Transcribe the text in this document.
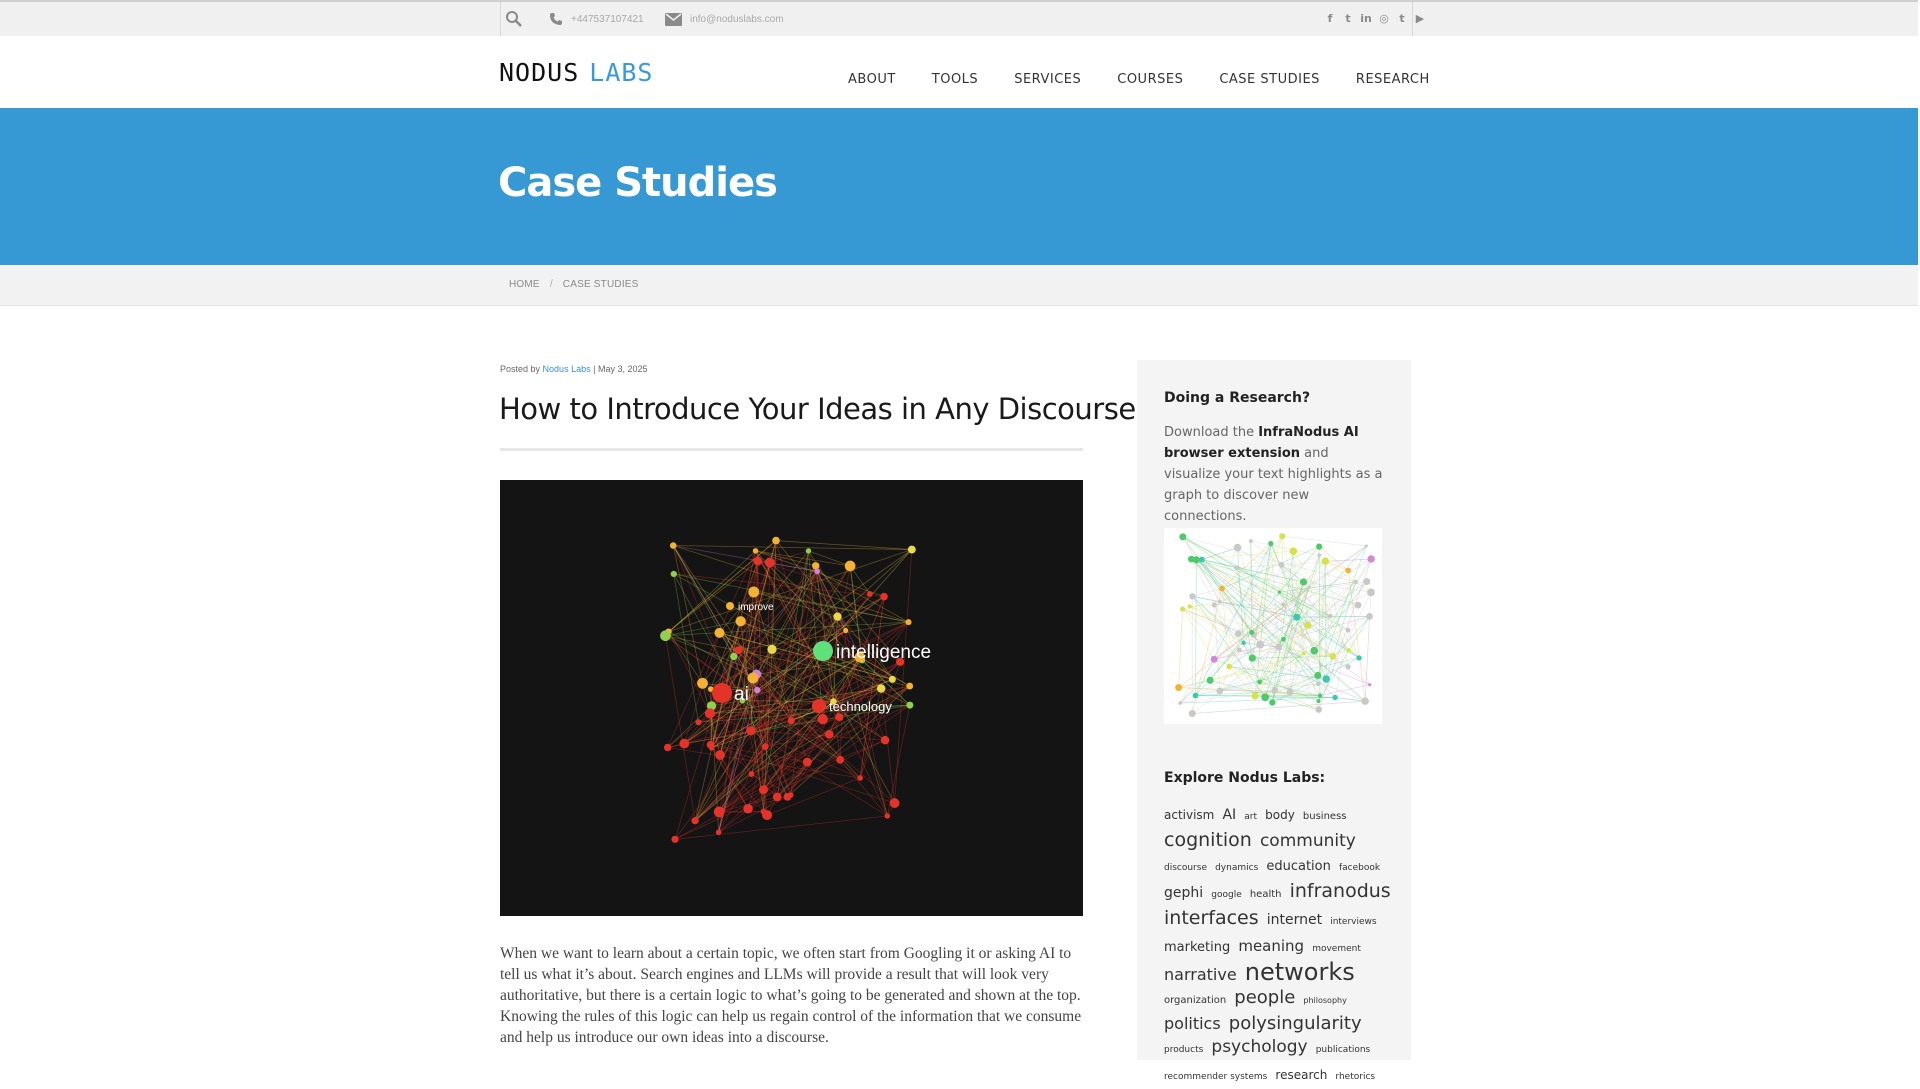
+447537107421	info@noduslabs.com	f	t in ◎ t	▶
NODUS LABS	ABOUT	TOOLS	SERVICES	COURSES	CASE STUDIES	RESEARCH
Case Studies
HOME / CASE STUDIES
Posted by Nodus Labs | May 3, 2025
How to Introduce Your Ideas in Any Discourse
intelligence
ai
technology
improve

When we want to learn about a certain topic, we often start from Googling it or asking AI to tell us what it’s about. Search engines and LLMs will provide a result that will look very authoritative, but there is a certain logic to what’s going to be generated and shown at the top. Knowing the rules of this logic can help us regain control of the information that we consume and help us introduce our own ideas into a discourse.

Doing a Research?

Download the InfraNodus AI browser extension and visualize your text highlights as a graph to discover new connections.

Explore Nodus Labs:
activism AI art body business cognition community discourse dynamics education facebook gephi google health infranodus interfaces internet interviews marketing meaning movement narrative networks organization people philosophy politics polysingularity products psychology publications recommender systems research rhetorics
